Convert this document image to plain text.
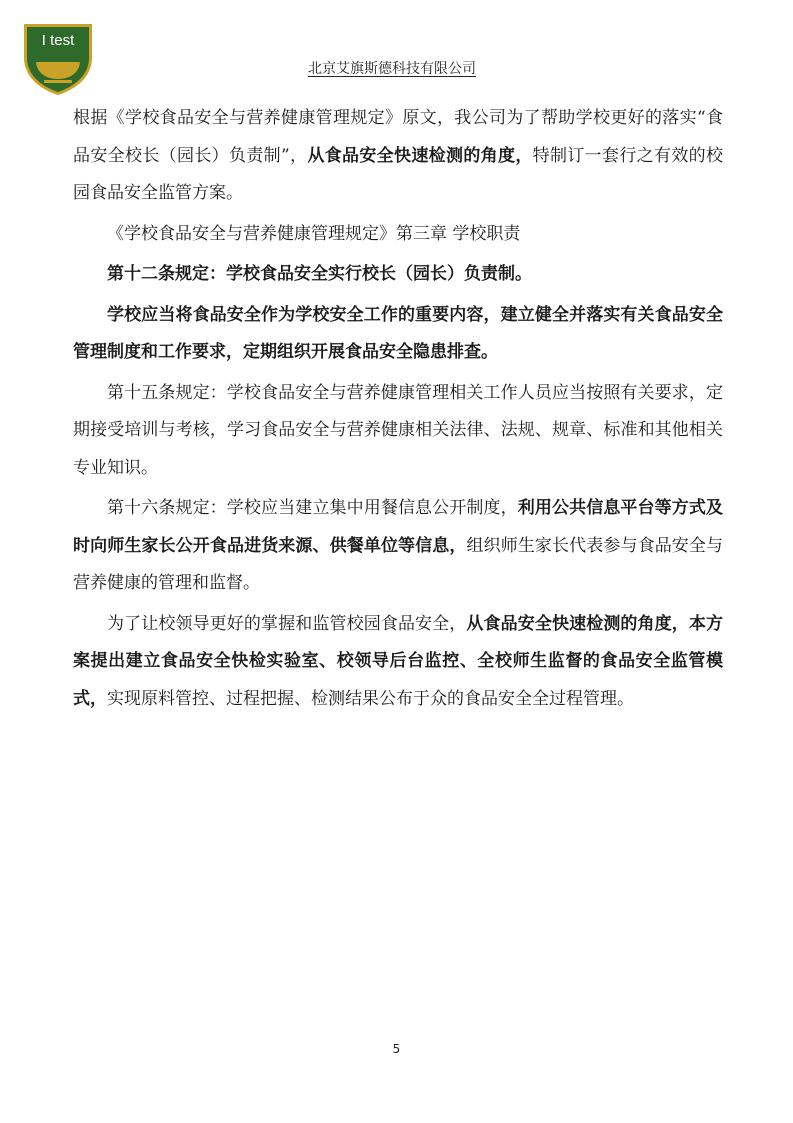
I test
北京艾旗斯德科技有限公司

根据《学校食品安全与营养健康管理规定》原文，我公司为了帮助学校更好的落实“食品安全校长（园长）负责制”，从食品安全快速检测的角度，特制订一套行之有效的校园食品安全监管方案。

《学校食品安全与营养健康管理规定》第三章 学校职责

第十二条规定：学校食品安全实行校长（园长）负责制。

学校应当将食品安全作为学校安全工作的重要内容，建立健全并落实有关食品安全管理制度和工作要求，定期组织开展食品安全隐患排查。

第十五条规定：学校食品安全与营养健康管理相关工作人员应当按照有关要求，定期接受培训与考核，学习食品安全与营养健康相关法律、法规、规章、标准和其他相关专业知识。

第十六条规定：学校应当建立集中用餐信息公开制度，利用公共信息平台等方式及时向师生家长公开食品进货来源、供餐单位等信息，组织师生家长代表参与食品安全与营养健康的管理和监督。

为了让校领导更好的掌握和监管校园食品安全，从食品安全快速检测的角度，本方案提出建立食品安全快检实验室、校领导后台监控、全校师生监督的食品安全监管模式，实现原料管控、过程把握、检测结果公布于众的食品安全全过程管理。

5
